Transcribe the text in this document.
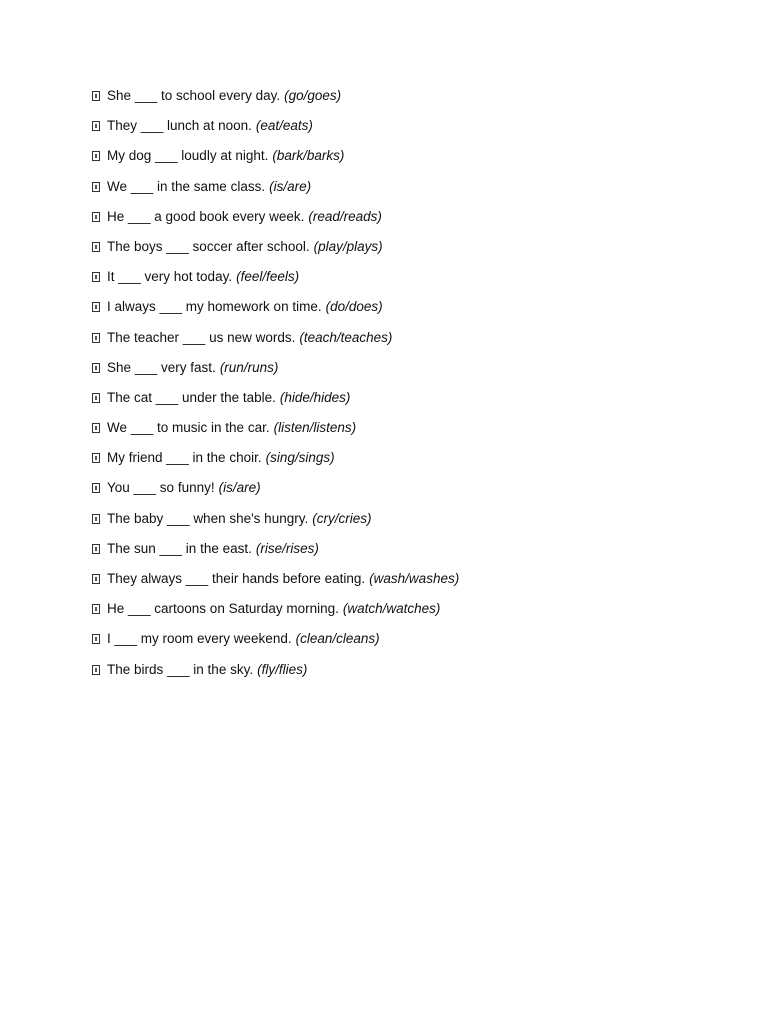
She ___ to school every day. (go/goes)
They ___ lunch at noon. (eat/eats)
My dog ___ loudly at night. (bark/barks)
We ___ in the same class. (is/are)
He ___ a good book every week. (read/reads)
The boys ___ soccer after school. (play/plays)
It ___ very hot today. (feel/feels)
I always ___ my homework on time. (do/does)
The teacher ___ us new words. (teach/teaches)
She ___ very fast. (run/runs)
The cat ___ under the table. (hide/hides)
We ___ to music in the car. (listen/listens)
My friend ___ in the choir. (sing/sings)
You ___ so funny! (is/are)
The baby ___ when she's hungry. (cry/cries)
The sun ___ in the east. (rise/rises)
They always ___ their hands before eating. (wash/washes)
He ___ cartoons on Saturday morning. (watch/watches)
I ___ my room every weekend. (clean/cleans)
The birds ___ in the sky. (fly/flies)
